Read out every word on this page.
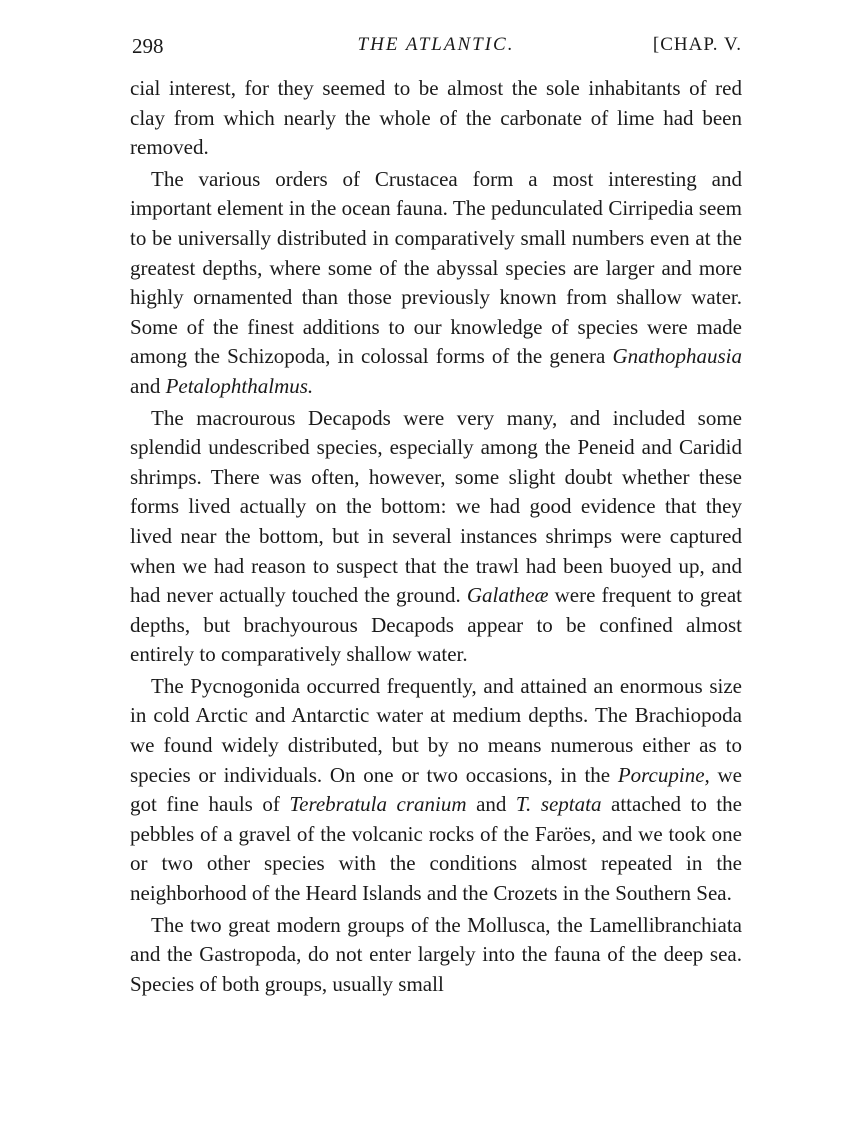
298	THE ATLANTIC.	[CHAP. V.

cial interest, for they seemed to be almost the sole inhabitants of red clay from which nearly the whole of the carbonate of lime had been removed.

The various orders of Crustacea form a most interesting and important element in the ocean fauna. The pedunculated Cirripedia seem to be universally distributed in comparatively small numbers even at the greatest depths, where some of the abyssal species are larger and more highly ornamented than those previously known from shallow water. Some of the finest additions to our knowledge of species were made among the Schizopoda, in colossal forms of the genera Gnathophausia and Petalophthalmus.

The macrourous Decapods were very many, and included some splendid undescribed species, especially among the Peneid and Caridid shrimps. There was often, however, some slight doubt whether these forms lived actually on the bottom: we had good evidence that they lived near the bottom, but in several instances shrimps were captured when we had reason to suspect that the trawl had been buoyed up, and had never actually touched the ground. Galatheæ were frequent to great depths, but brachyourous Decapods appear to be confined almost entirely to comparatively shallow water.

The Pycnogonida occurred frequently, and attained an enormous size in cold Arctic and Antarctic water at medium depths. The Brachiopoda we found widely distributed, but by no means numerous either as to species or individuals. On one or two occasions, in the Porcupine, we got fine hauls of Terebratula cranium and T. septata attached to the pebbles of a gravel of the volcanic rocks of the Faröes, and we took one or two other species with the conditions almost repeated in the neighborhood of the Heard Islands and the Crozets in the Southern Sea.

The two great modern groups of the Mollusca, the Lamellibranchiata and the Gastropoda, do not enter largely into the fauna of the deep sea. Species of both groups, usually small
